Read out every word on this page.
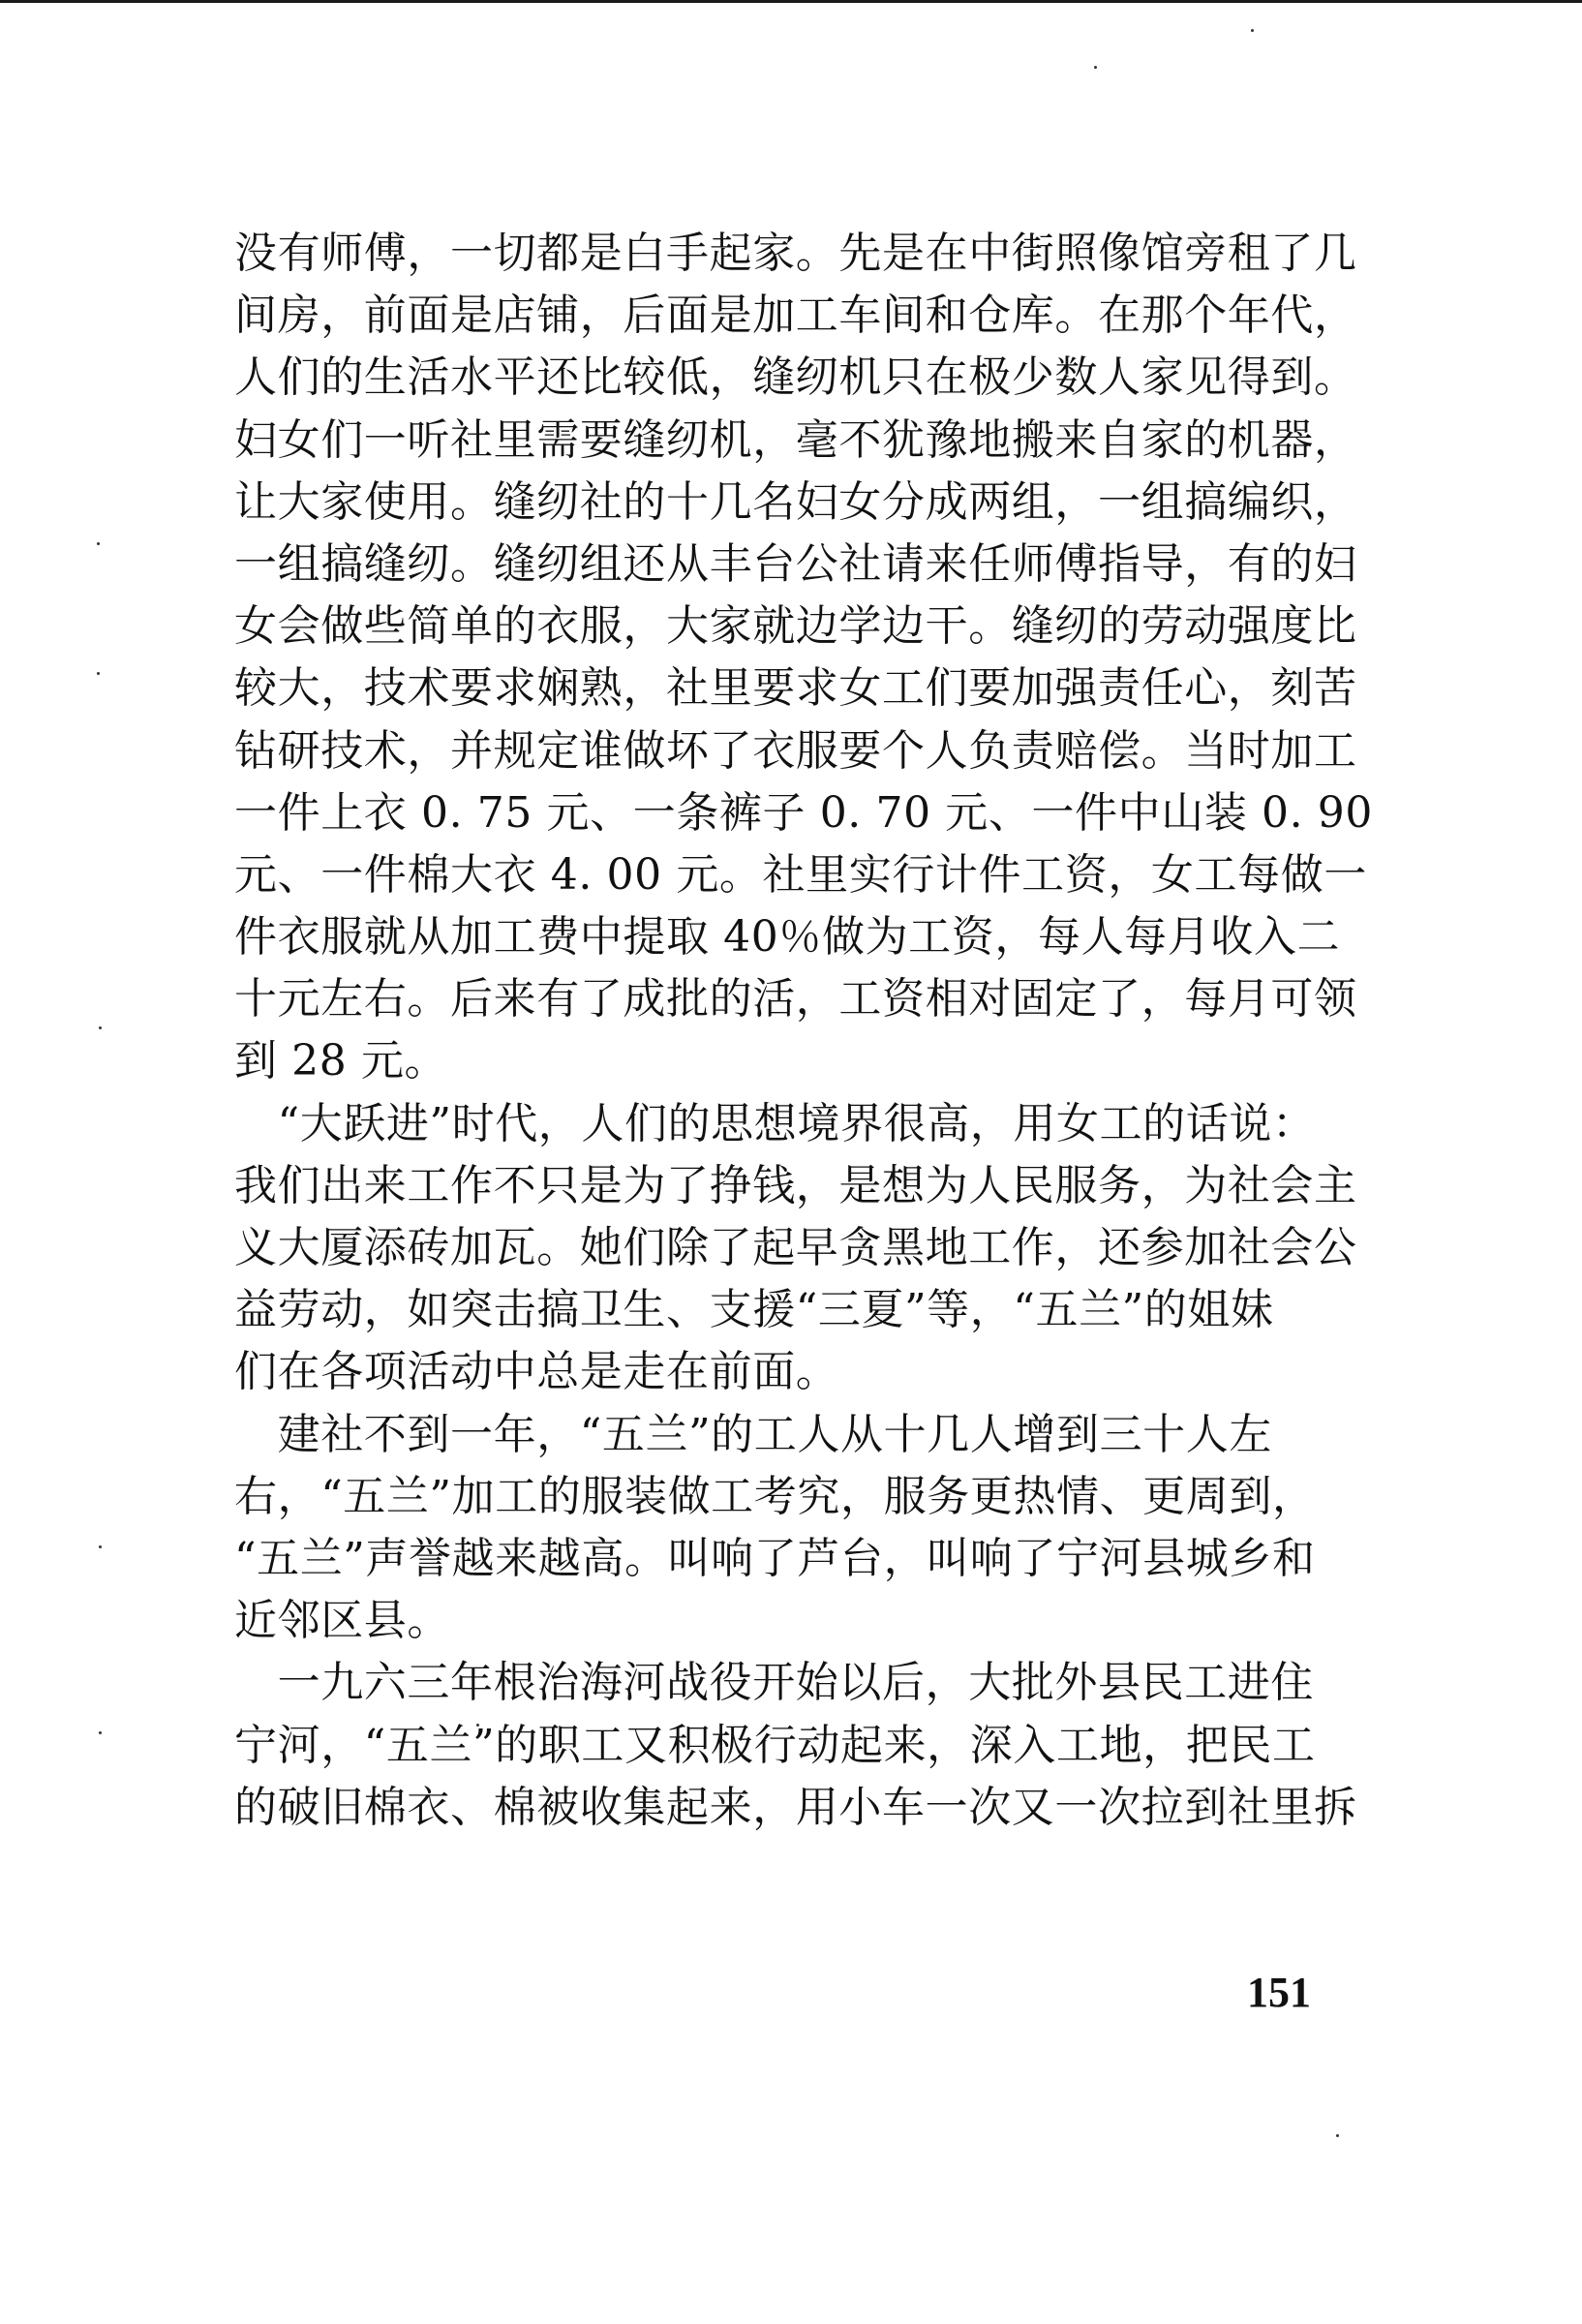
没有师傅，一切都是白手起家。先是在中街照像馆旁租了几
间房，前面是店铺，后面是加工车间和仓库。在那个年代，
人们的生活水平还比较低，缝纫机只在极少数人家见得到。
妇女们一听社里需要缝纫机，毫不犹豫地搬来自家的机器，
让大家使用。缝纫社的十几名妇女分成两组，一组搞编织，
一组搞缝纫。缝纫组还从丰台公社请来任师傅指导，有的妇
女会做些简单的衣服，大家就边学边干。缝纫的劳动强度比
较大，技术要求娴熟，社里要求女工们要加强责任心，刻苦
钻研技术，并规定谁做坏了衣服要个人负责赔偿。当时加工
一件上衣 0. 75 元、一条裤子 0. 70 元、一件中山装 0. 90
元、一件棉大衣 4. 00 元。社里实行计件工资，女工每做一
件衣服就从加工费中提取 40％做为工资，每人每月收入二
十元左右。后来有了成批的活，工资相对固定了，每月可领
到 28 元。
　“大跃进”时代，人们的思想境界很高，用女工的话说：
我们出来工作不只是为了挣钱，是想为人民服务，为社会主
义大厦添砖加瓦。她们除了起早贪黑地工作，还参加社会公
益劳动，如突击搞卫生、支援“三夏”等，“五兰”的姐妹
们在各项活动中总是走在前面。
　建社不到一年，“五兰”的工人从十几人增到三十人左
右，“五兰”加工的服装做工考究，服务更热情、更周到，
“五兰”声誉越来越高。叫响了芦台，叫响了宁河县城乡和
近邻区县。
　一九六三年根治海河战役开始以后，大批外县民工进住
宁河，“五兰”的职工又积极行动起来，深入工地，把民工
的破旧棉衣、棉被收集起来，用小车一次又一次拉到社里拆
151
